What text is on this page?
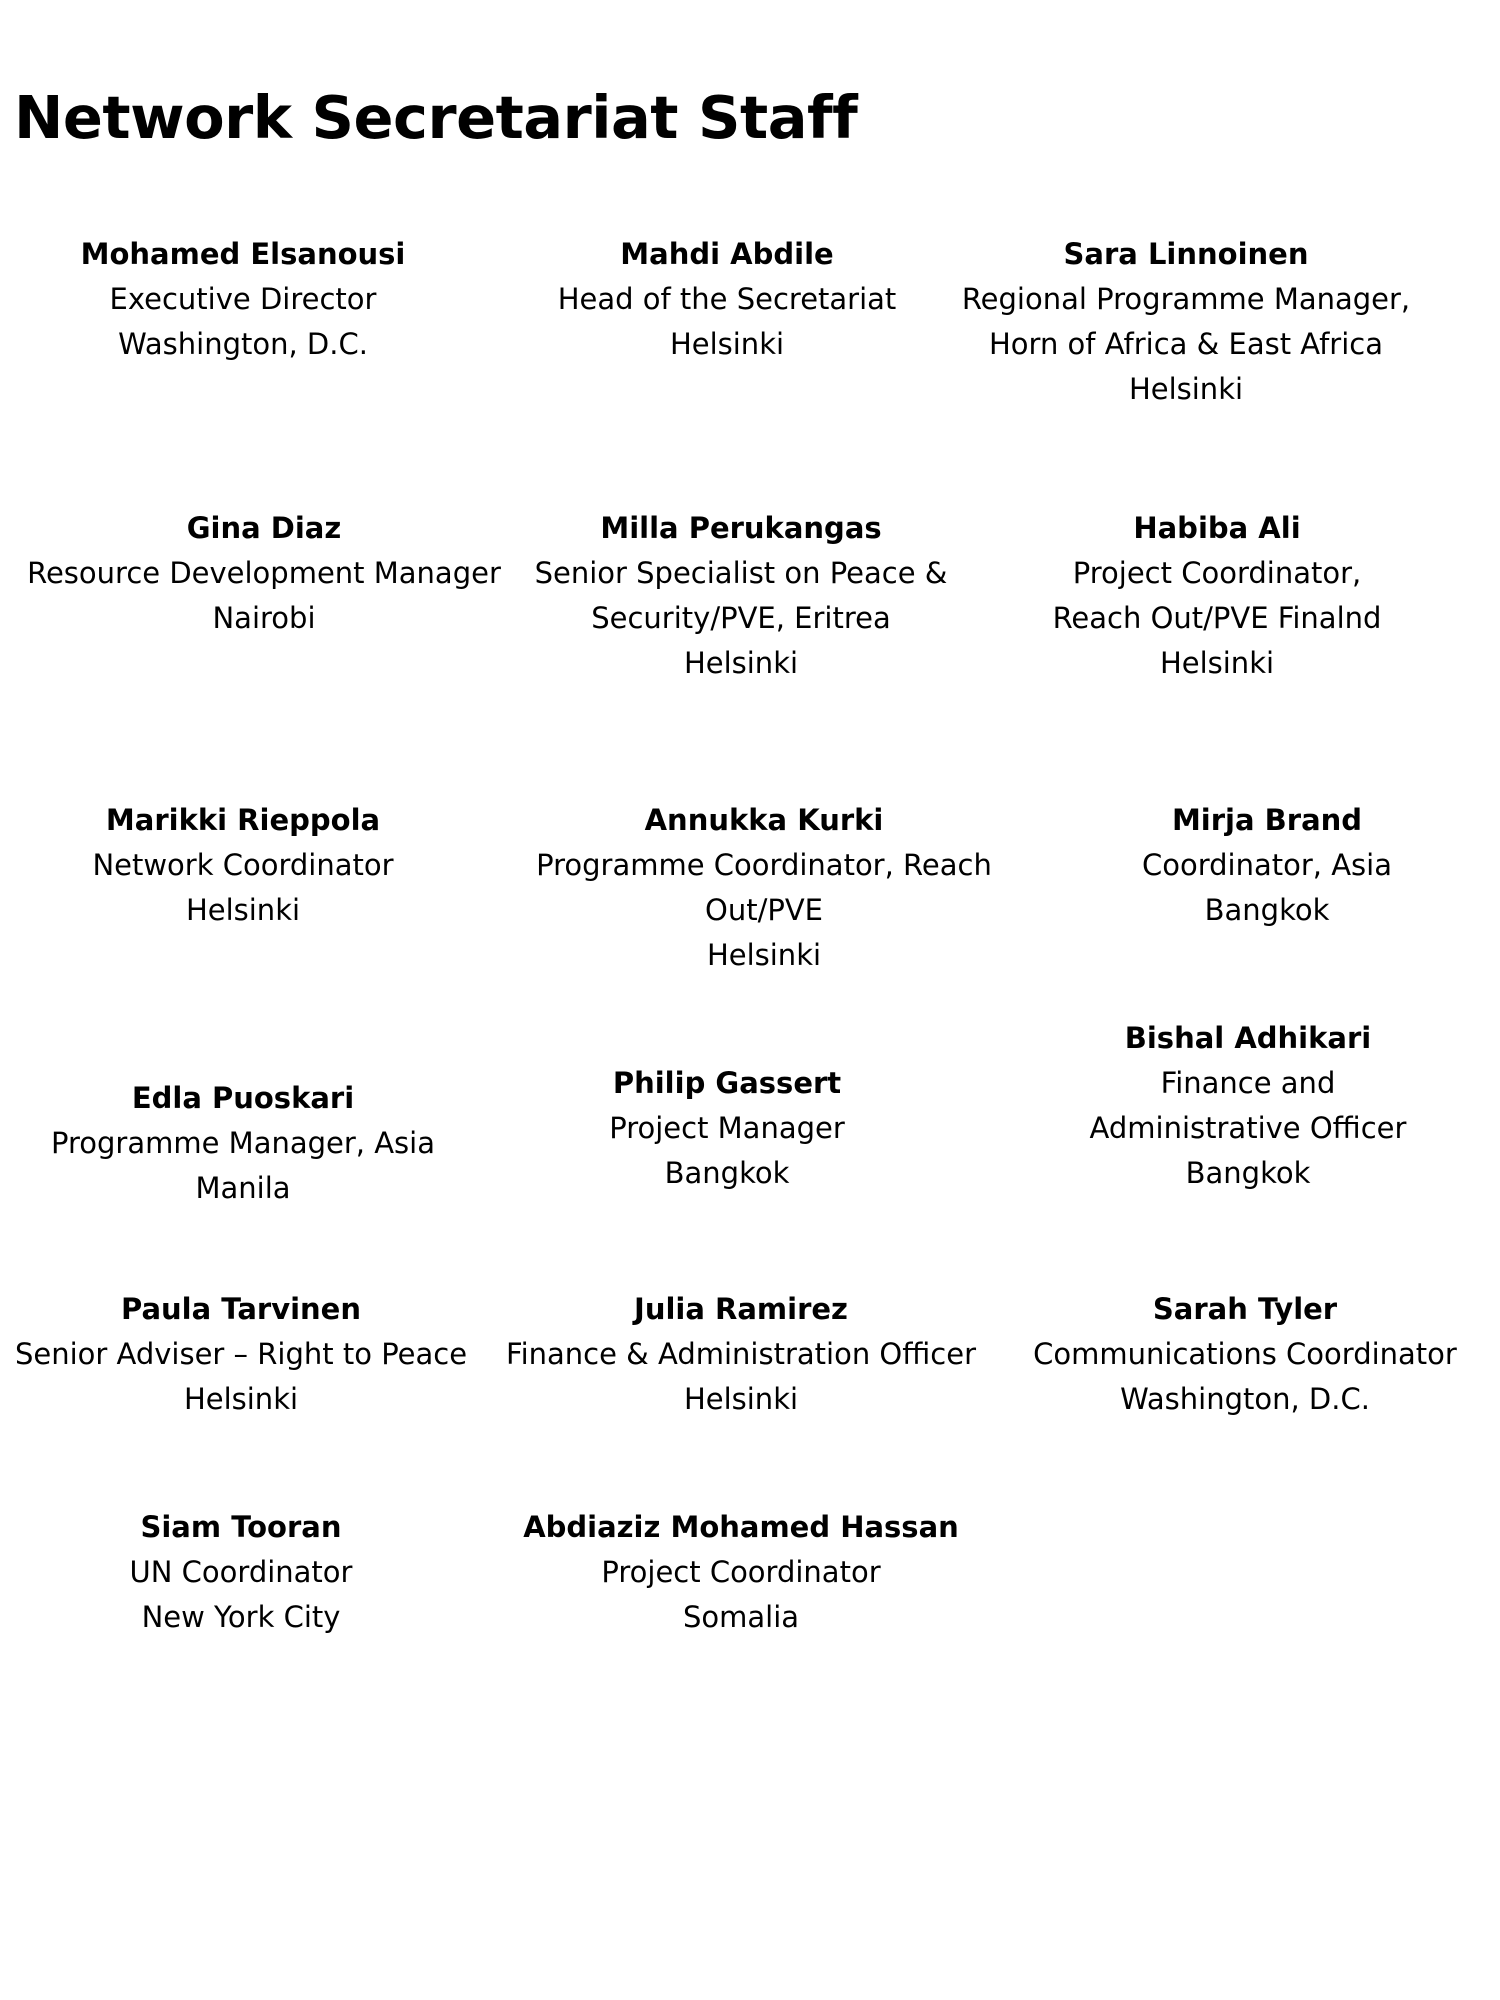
Network Secretariat Staff
Mohamed Elsanousi
Executive Director
Washington, D.C.
Mahdi Abdile
Head of the Secretariat
Helsinki
Sara Linnoinen
Regional Programme Manager,
Horn of Africa & East Africa
Helsinki
Gina Diaz
Resource Development Manager
Nairobi
Milla Perukangas
Senior Specialist on Peace &
Security/PVE, Eritrea
Helsinki
Habiba Ali
Project Coordinator,
Reach Out/PVE Finalnd
Helsinki
Marikki Rieppola
Network Coordinator
Helsinki
Annukka Kurki
Programme Coordinator, Reach
Out/PVE
Helsinki
Mirja Brand
Coordinator, Asia
Bangkok
Edla Puoskari
Programme Manager, Asia
Manila
Philip Gassert
Project Manager
Bangkok
Bishal Adhikari
Finance and
Administrative Officer
Bangkok
Paula Tarvinen
Senior Adviser – Right to Peace
Helsinki
Julia Ramirez
Finance & Administration Officer
Helsinki
Sarah Tyler
Communications Coordinator
Washington, D.C.
Siam Tooran
UN Coordinator
New York City
Abdiaziz Mohamed Hassan
Project Coordinator
Somalia
